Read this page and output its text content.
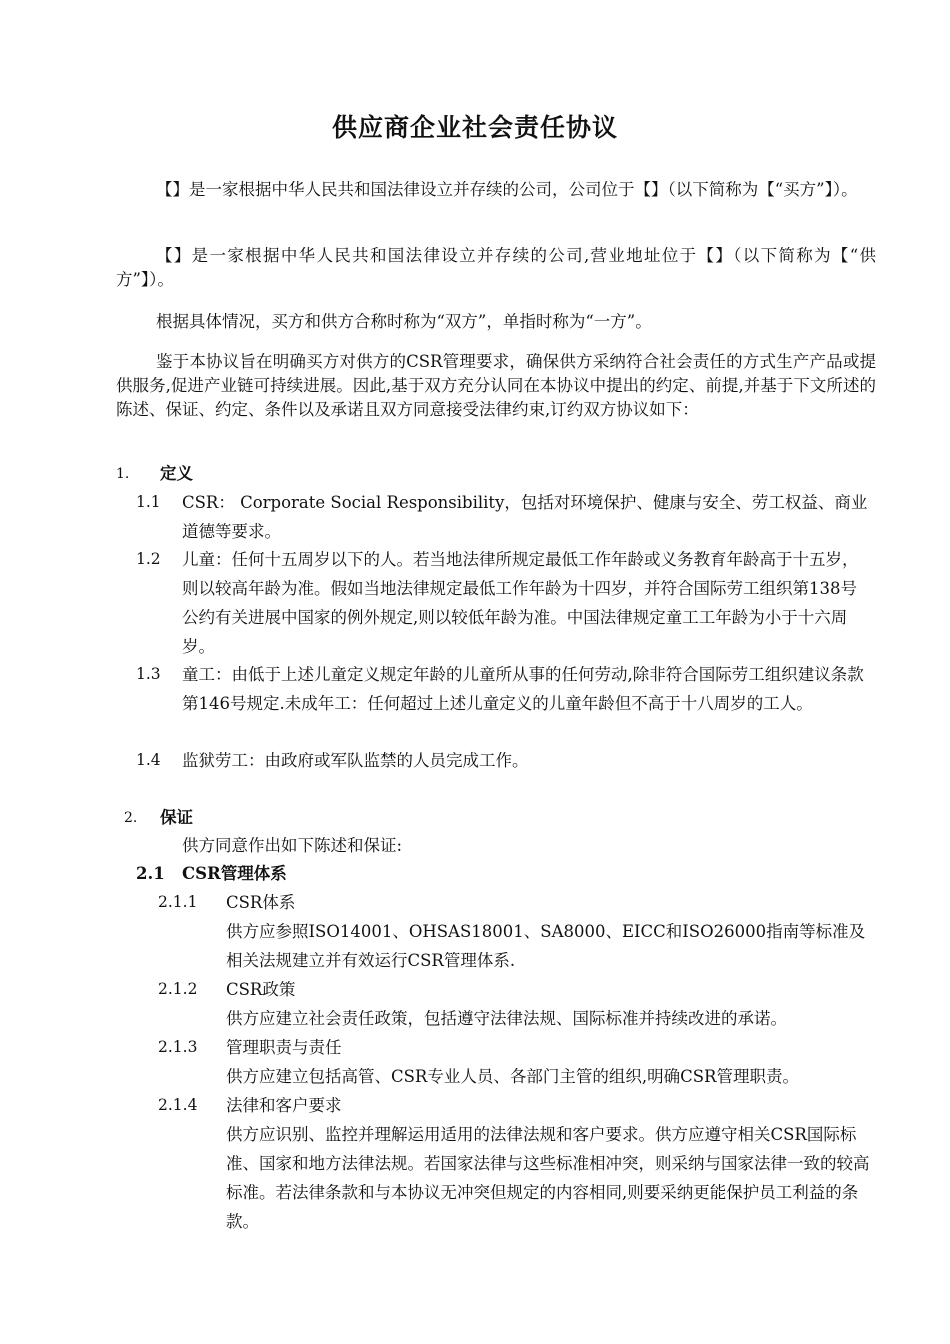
供应商企业社会责任协议
【】是一家根据中华人民共和国法律设立并存续的公司，公司位于【】（以下简称为【“买方”】）。
【】是一家根据中华人民共和国法律设立并存续的公司,营业地址位于【】（以下简称为【“供方”】）。
根据具体情况，买方和供方合称时称为“双方”，单指时称为“一方”。
鉴于本协议旨在明确买方对供方的CSR管理要求，确保供方采纳符合社会责任的方式生产产品或提供服务,促进产业链可持续进展。因此,基于双方充分认同在本协议中提出的约定、前提,并基于下文所述的陈述、保证、约定、条件以及承诺且双方同意接受法律约束,订约双方协议如下：
1. 定义
1.1 CSR： Corporate Social Responsibility，包括对环境保护、健康与安全、劳工权益、商业道德等要求。
1.2 儿童：任何十五周岁以下的人。若当地法律所规定最低工作年龄或义务教育年龄高于十五岁，则以较高年龄为准。假如当地法律规定最低工作年龄为十四岁，并符合国际劳工组织第138号公约有关进展中国家的例外规定,则以较低年龄为准。中国法律规定童工工年龄为小于十六周岁。
1.3 童工：由低于上述儿童定义规定年龄的儿童所从事的任何劳动,除非符合国际劳工组织建议条款第146号规定.未成年工：任何超过上述儿童定义的儿童年龄但不高于十八周岁的工人。
1.4 监狱劳工：由政府或军队监禁的人员完成工作。
2. 保证
供方同意作出如下陈述和保证:
2.1 CSR管理体系
2.1.1 CSR体系
供方应参照ISO14001、OHSAS18001、SA8000、EICC和ISO26000指南等标准及相关法规建立并有效运行CSR管理体系.
2.1.2 CSR政策
供方应建立社会责任政策，包括遵守法律法规、国际标准并持续改进的承诺。
2.1.3 管理职责与责任
供方应建立包括高管、CSR专业人员、各部门主管的组织,明确CSR管理职责。
2.1.4 法律和客户要求
供方应识别、监控并理解运用适用的法律法规和客户要求。供方应遵守相关CSR国际标准、国家和地方法律法规。若国家法律与这些标准相冲突，则采纳与国家法律一致的较高标准。若法律条款和与本协议无冲突但规定的内容相同,则要采纳更能保护员工利益的条款。
